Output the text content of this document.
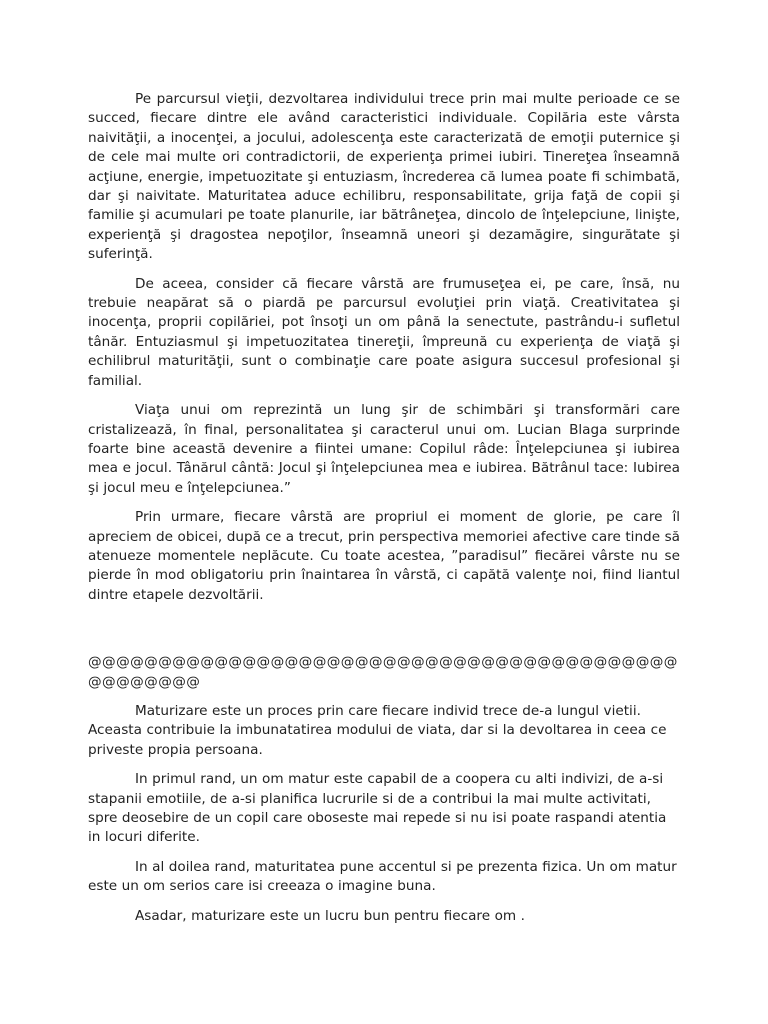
Pe parcursul vieţii, dezvoltarea individului trece prin mai multe perioade ce se succed, fiecare dintre ele având caracteristici individuale. Copilăria este vârsta naivităţii, a inocenţei, a jocului, adolescenţa este caracterizată de emoţii puternice şi de cele mai multe ori contradictorii, de experienţa primei iubiri. Tinereţea înseamnă acţiune, energie, impetuozitate şi entuziasm, încrederea că lumea poate fi schimbată, dar şi naivitate. Maturitatea aduce echilibru, responsabilitate, grija faţă de copii şi familie şi acumulari pe toate planurile, iar bătrâneţea, dincolo de înţelepciune, linişte, experienţă şi dragostea nepoţilor, înseamnă uneori şi dezamăgire, singurătate şi suferinţă.

De aceea, consider că fiecare vârstă are frumuseţea ei, pe care, însă, nu trebuie neapărat să o piardă pe parcursul evoluţiei prin viaţă. Creativitatea şi inocenţa, proprii copilăriei, pot însoţi un om până la senectute, pastrându-i sufletul tânăr. Entuziasmul şi impetuozitatea tinereţii, împreună cu experienţa de viaţă şi echilibrul maturităţii, sunt o combinaţie care poate asigura succesul profesional şi familial.

Viaţa unui om reprezintă un lung şir de schimbări şi transformări care cristalizează, în final, personalitatea şi caracterul unui om. Lucian Blaga surprinde foarte bine această devenire a fiintei umane: Copilul râde: Înţelepciunea şi iubirea mea e jocul. Tânărul cântă: Jocul şi înţelepciunea mea e iubirea. Bătrânul tace: Iubirea şi jocul meu e înţelepciunea.”

Prin urmare, fiecare vârstă are propriul ei moment de glorie, pe care îl apreciem de obicei, după ce a trecut, prin perspectiva memoriei afective care tinde să atenueze momentele neplăcute. Cu toate acestea, ”paradisul” fiecărei vârste nu se pierde în mod obligatoriu prin înaintarea în vârstă, ci capătă valenţe noi, fiind liantul dintre etapele dezvoltării.

@@@@@@@@@@@@@@@@@@@@@@@@@@@@@@@@@@@@@@@@@@@@@@@@@@

Maturizare este un proces prin care fiecare individ trece de-a lungul vietii. Aceasta contribuie la imbunatatirea modului de viata, dar si la devoltarea in ceea ce priveste propia persoana.

In primul rand, un om matur este capabil de a coopera cu alti indivizi, de a-si stapanii emotiile, de a-si planifica lucrurile si de a contribui la mai multe activitati, spre deosebire de un copil care oboseste mai repede si nu isi poate raspandi atentia in locuri diferite.

In al doilea rand, maturitatea pune accentul si pe prezenta fizica. Un om matur este un om serios care isi creeaza o imagine buna.

Asadar, maturizare este un lucru bun pentru fiecare om .
